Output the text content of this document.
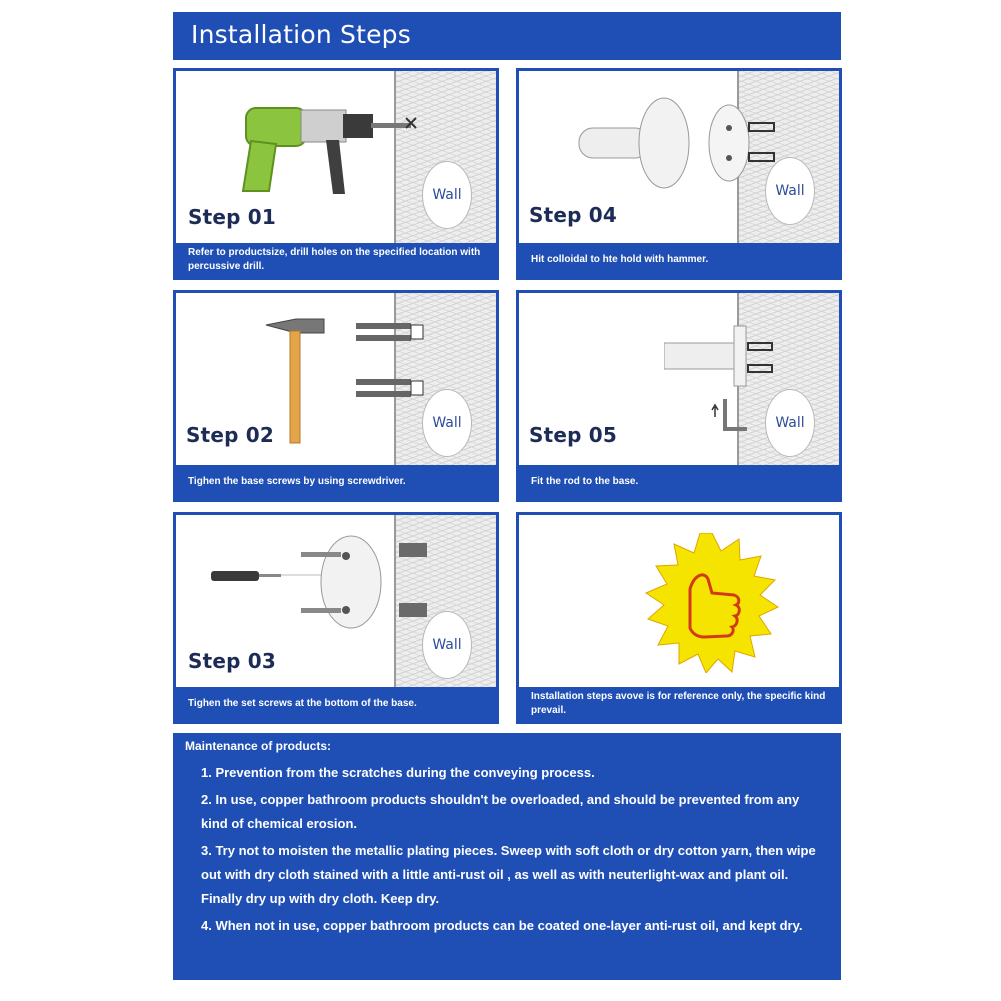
Installation Steps
Wall
Step 01
Refer to productsize, drill holes on the specified location with percussive drill.
Wall
Step 04
Hit colloidal to hte hold with hammer.
Wall
Step 02
Tighen the base screws by using screwdriver.
Wall
Step 05
Fit the rod to the base.
Wall
Step 03
Tighen the set screws at the bottom of the base.
Installation steps avove is for reference only, the specific kind prevail.
Maintenance of products:
1. Prevention from the scratches during the conveying process.
2. In use, copper bathroom products shouldn't be overloaded, and should be prevented from any kind of chemical erosion.
3. Try not to moisten the metallic plating pieces. Sweep with soft cloth or dry cotton yarn, then wipe out with dry cloth stained with a little anti-rust oil , as well as with neuterlight-wax and plant oil. Finally dry up with dry cloth. Keep dry.
4. When not in use, copper bathroom products can be coated one-layer anti-rust oil, and kept dry.
